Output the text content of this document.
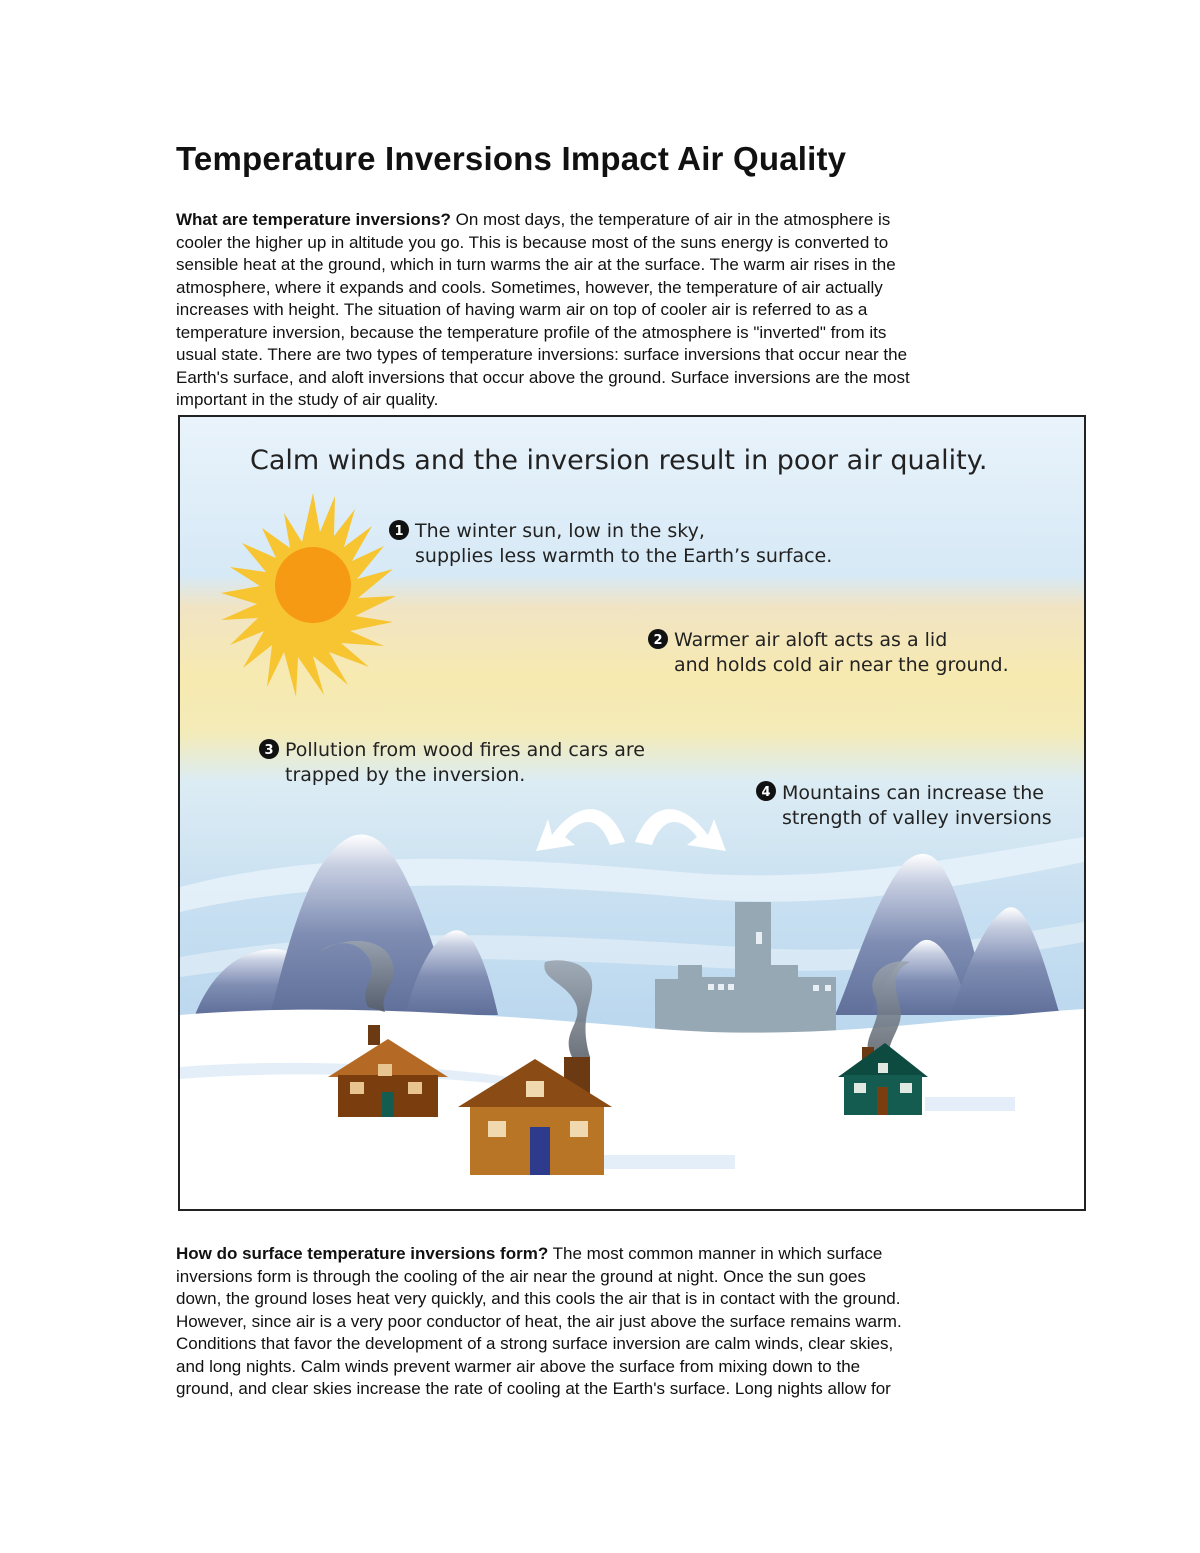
Temperature Inversions Impact Air Quality
What are temperature inversions? On most days, the temperature of air in the atmosphere is
cooler the higher up in altitude you go. This is because most of the suns energy is converted to
sensible heat at the ground, which in turn warms the air at the surface. The warm air rises in the
atmosphere, where it expands and cools. Sometimes, however, the temperature of air actually
increases with height. The situation of having warm air on top of cooler air is referred to as a
temperature inversion, because the temperature profile of the atmosphere is "inverted" from its
usual state. There are two types of temperature inversions: surface inversions that occur near the
Earth's surface, and aloft inversions that occur above the ground. Surface inversions are the most
important in the study of air quality.
Calm winds and the inversion result in poor air quality.
1 The winter sun, low in the sky,
supplies less warmth to the Earth’s surface.
2 Warmer air aloft acts as a lid
and holds cold air near the ground.
3 Pollution from wood fires and cars are
trapped by the inversion.
4 Mountains can increase the
strength of valley inversions
How do surface temperature inversions form? The most common manner in which surface
inversions form is through the cooling of the air near the ground at night. Once the sun goes
down, the ground loses heat very quickly, and this cools the air that is in contact with the ground.
However, since air is a very poor conductor of heat, the air just above the surface remains warm.
Conditions that favor the development of a strong surface inversion are calm winds, clear skies,
and long nights. Calm winds prevent warmer air above the surface from mixing down to the
ground, and clear skies increase the rate of cooling at the Earth's surface. Long nights allow for
